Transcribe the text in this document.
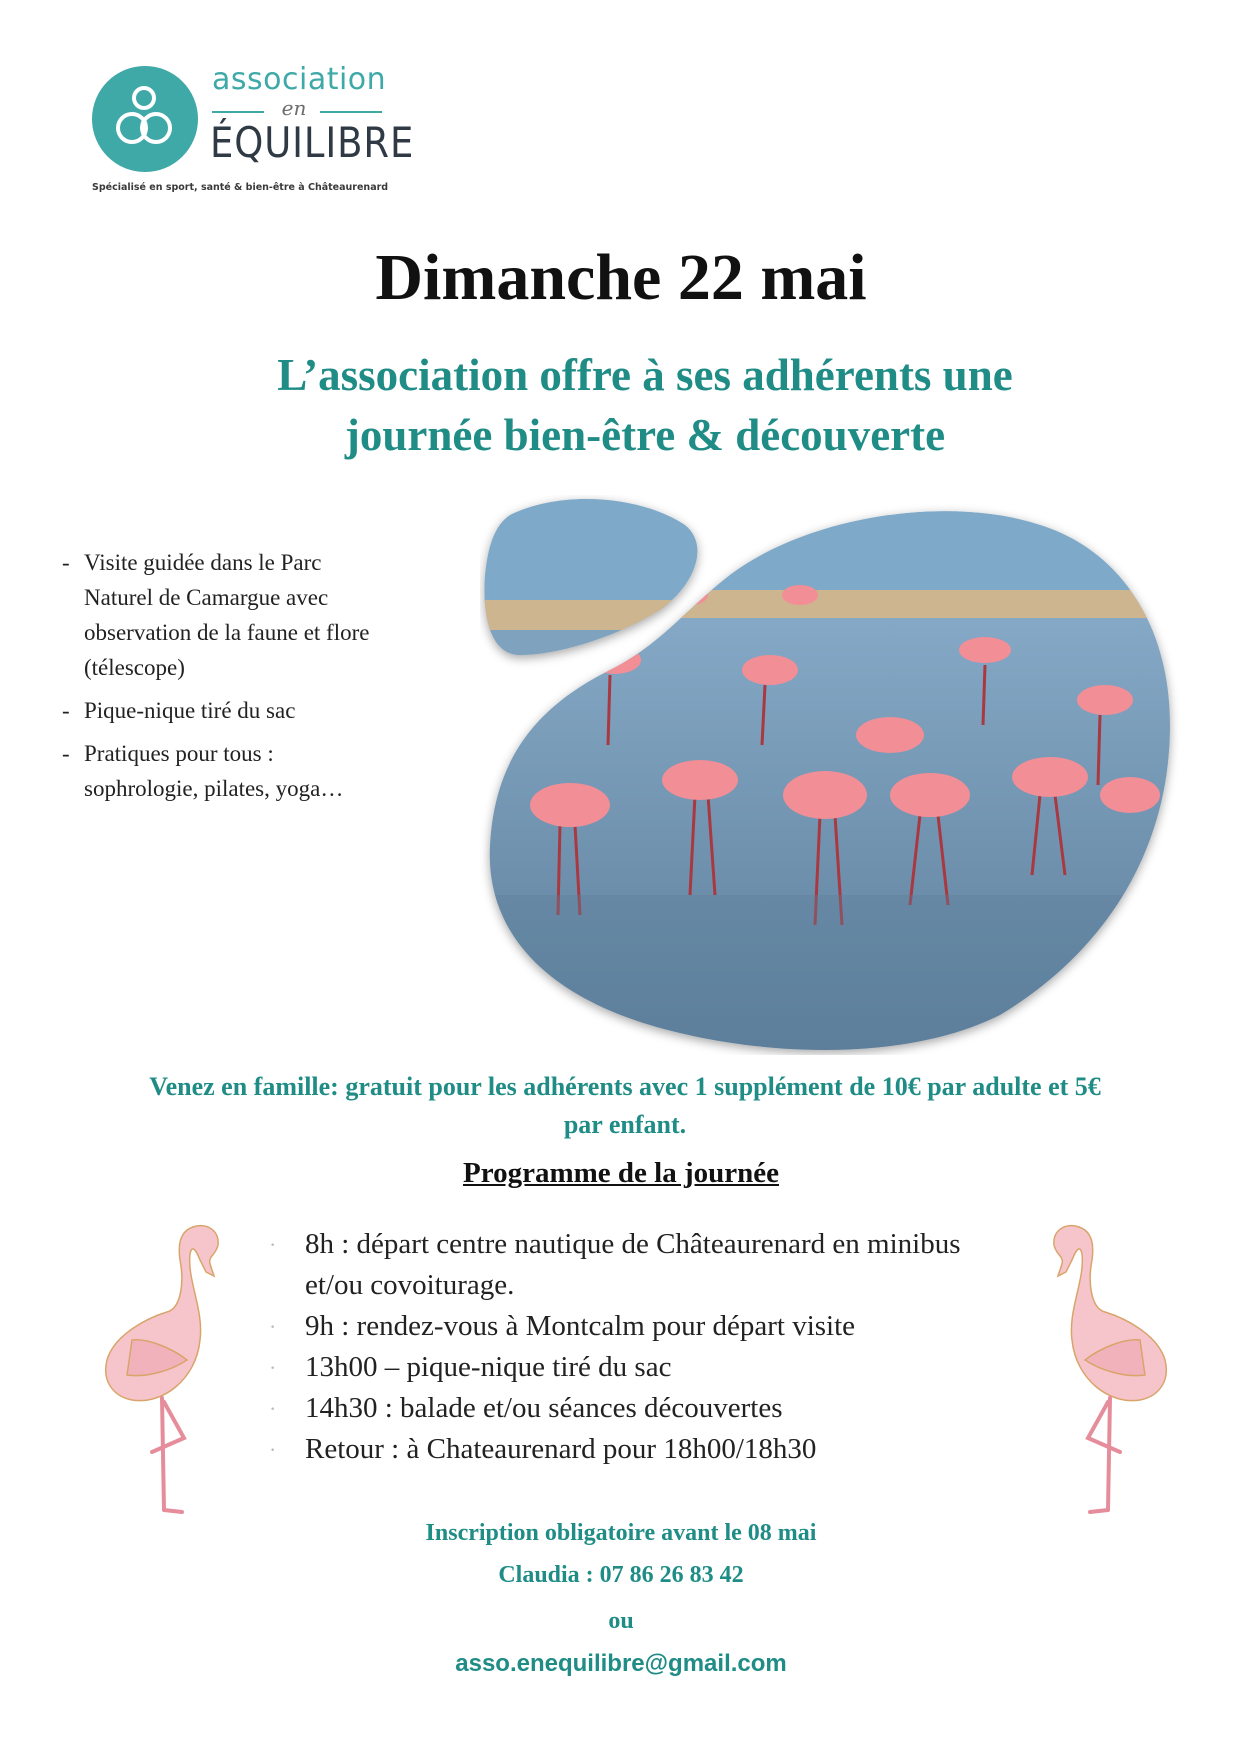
association
en
ÉQUILIBRE
Spécialisé en sport, santé & bien-être à Châteaurenard
Dimanche 22 mai
L’association offre à ses adhérents une
journée bien-être & découverte
- Visite guidée dans le Parc Naturel de Camargue avec observation de la faune et flore (télescope)
- Pique-nique tiré du sac
- Pratiques pour tous : sophrologie, pilates, yoga…
Venez en famille: gratuit pour les adhérents avec 1 supplément de 10€ par adulte et 5€
par enfant.
Programme de la journée
· 8h : départ centre nautique de Châteaurenard en minibus et/ou covoiturage.
· 9h : rendez-vous à Montcalm pour départ visite
· 13h00 – pique-nique tiré du sac
· 14h30 : balade et/ou séances découvertes
· Retour : à Chateaurenard pour 18h00/18h30
Inscription obligatoire avant le 08 mai
Claudia : 07 86 26 83 42
ou
asso.enequilibre@gmail.com
